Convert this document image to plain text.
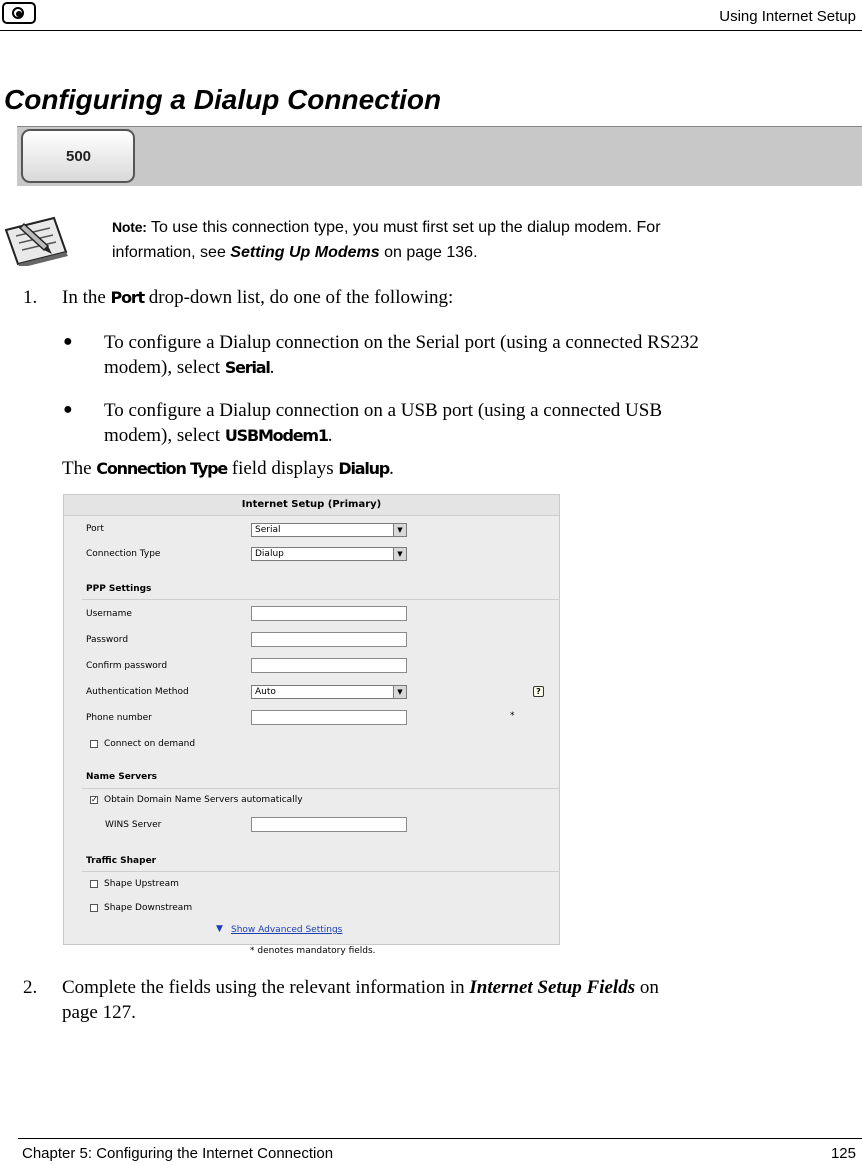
Using Internet Setup
Configuring a Dialup Connection
500
Note: To use this connection type, you must first set up the dialup modem. For
information, see Setting Up Modems on page 136.
1. In the Port drop-down list, do one of the following:
● To configure a Dialup connection on the Serial port (using a connected RS232
modem), select Serial.
● To configure a Dialup connection on a USB port (using a connected USB
modem), select USBModem1.
The Connection Type field displays Dialup.
Internet Setup (Primary)
Port	Serial	▼
Connection Type	Dialup	▼
PPP Settings
Username
Password
Confirm password
Authentication Method	Auto	▼	?
Phone number	*
Connect on demand
Name Servers
✓ Obtain Domain Name Servers automatically
WINS Server
Traffic Shaper
Shape Upstream
Shape Downstream
▼ Show Advanced Settings
* denotes mandatory fields.
2. Complete the fields using the relevant information in Internet Setup Fields on
page 127.
Chapter 5: Configuring the Internet Connection	125
